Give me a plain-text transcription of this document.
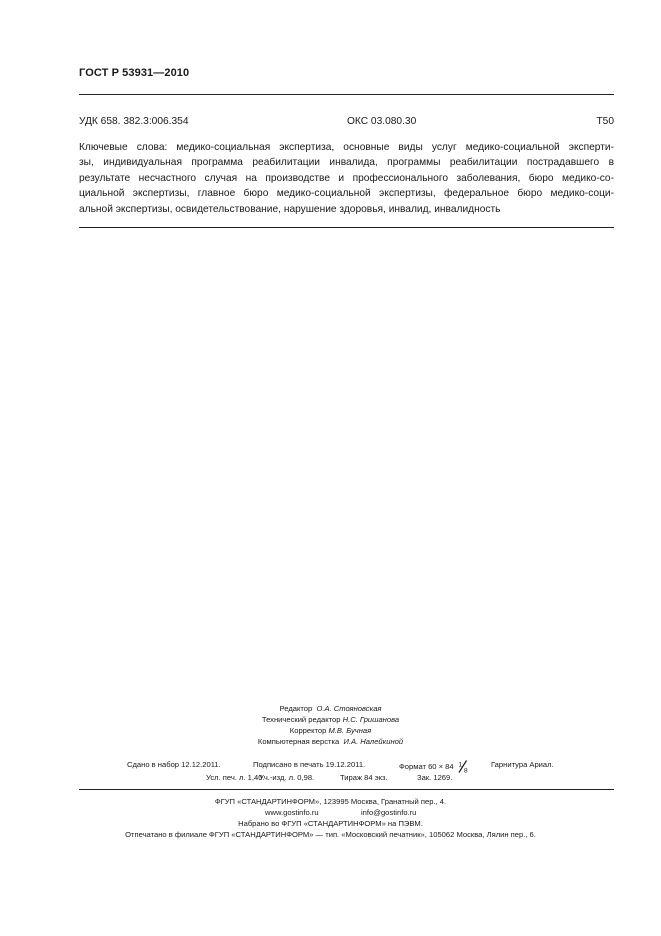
ГОСТ Р 53931—2010
УДК 658. 382.3:006.354	ОКС 03.080.30	Т50
Ключевые слова: медико-социальная экспертиза, основные виды услуг медико-социальной эксперти-
зы, индивидуальная программа реабилитации инвалида, программы реабилитации пострадавшего в
результате несчастного случая на производстве и профессионального заболевания, бюро медико-со-
циальной экспертизы, главное бюро медико-социальной экспертизы, федеральное бюро медико-соци-
альной экспертизы, освидетельствование, нарушение здоровья, инвалид, инвалидность
Редактор О.А. Стояновская
Технический редактор Н.С. Гришанова
Корректор М.В. Бучная
Компьютерная верстка И.А. Налейкиной
Сдано в набор 12.12.2011.	Подписано в печать 19.12.2011.	Формат 60 × 84 1
8
Гарнитура Ариал.
Усл. печ. л. 1,40.
Уч.-изд. л. 0,98.	Тираж 84 экз.	Зак. 1269.
ФГУП «СТАНДАРТИНФОРМ», 123995 Москва, Гранатный пер., 4.
www.gostinfo.ru	info@gostinfo.ru
Набрано во ФГУП «СТАНДАРТИНФОРМ» на ПЭВМ.
Отпечатано в филиале ФГУП «СТАНДАРТИНФОРМ» — тип. «Московский печатник», 105062 Москва, Лялин пер., 6.
